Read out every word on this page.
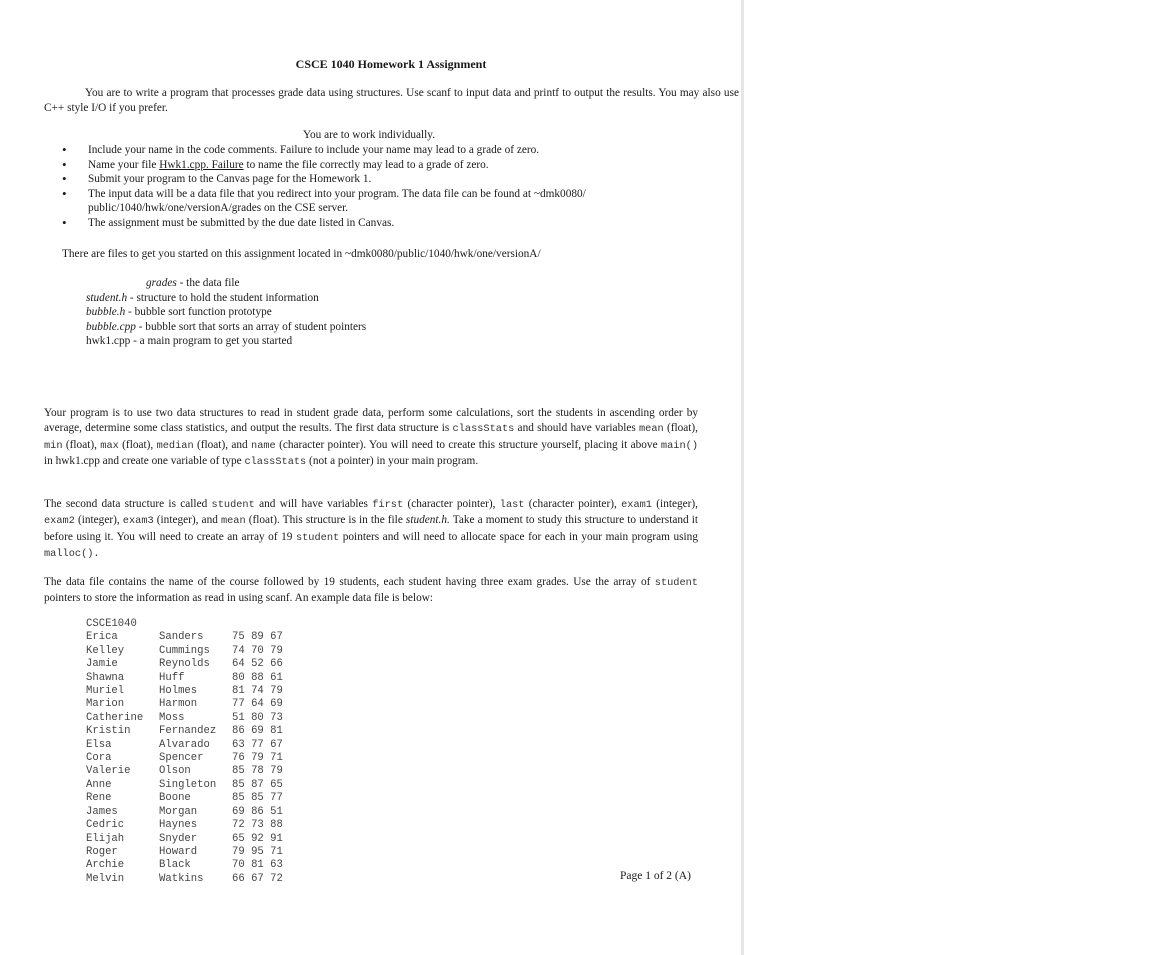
CSCE 1040 Homework 1 Assignment
You are to write a program that processes grade data using structures. Use scanf to input data and printf to output the results. You may also use C++ style I/O if you prefer.
You are to work individually.
• Include your name in the code comments. Failure to include your name may lead to a grade of zero.
• Name your file Hwk1.cpp. Failure to name the file correctly may lead to a grade of zero.
• Submit your program to the Canvas page for the Homework 1.
• The input data will be a data file that you redirect into your program. The data file can be found at ~dmk0080/ public/1040/hwk/one/versionA/grades on the CSE server.
• The assignment must be submitted by the due date listed in Canvas.
There are files to get you started on this assignment located in ~dmk0080/public/1040/hwk/one/versionA/
grades - the data file
student.h - structure to hold the student information
bubble.h - bubble sort function prototype
bubble.cpp - bubble sort that sorts an array of student pointers
hwk1.cpp - a main program to get you started
Your program is to use two data structures to read in student grade data, perform some calculations, sort the students in ascending order by average, determine some class statistics, and output the results. The first data structure is classStats and should have variables mean (float), min (float), max (float), median (float), and name (character pointer). You will need to create this structure yourself, placing it above main() in hwk1.cpp and create one variable of type classStats (not a pointer) in your main program.
The second data structure is called student and will have variables first (character pointer), last (character pointer), exam1 (integer), exam2 (integer), exam3 (integer), and mean (float). This structure is in the file student.h. Take a moment to study this structure to understand it before using it. You will need to create an array of 19 student pointers and will need to allocate space for each in your main program using malloc().
The data file contains the name of the course followed by 19 students, each student having three exam grades. Use the array of student pointers to store the information as read in using scanf. An example data file is below:
CSCE1040		
Erica	Sanders	75 89 67
Kelley	Cummings	74 70 79
Jamie	Reynolds	64 52 66
Shawna	Huff	80 88 61
Muriel	Holmes	81 74 79
Marion	Harmon	77 64 69
Catherine	Moss	51 80 73
Kristin	Fernandez	86 69 81
Elsa	Alvarado	63 77 67
Cora	Spencer	76 79 71
Valerie	Olson	85 78 79
Anne	Singleton	85 87 65
Rene	Boone	85 85 77
James	Morgan	69 86 51
Cedric	Haynes	72 73 88
Elijah	Snyder	65 92 91
Roger	Howard	79 95 71
Archie	Black	70 81 63
Melvin	Watkins	66 67 72	Page 1 of 2 (A)
